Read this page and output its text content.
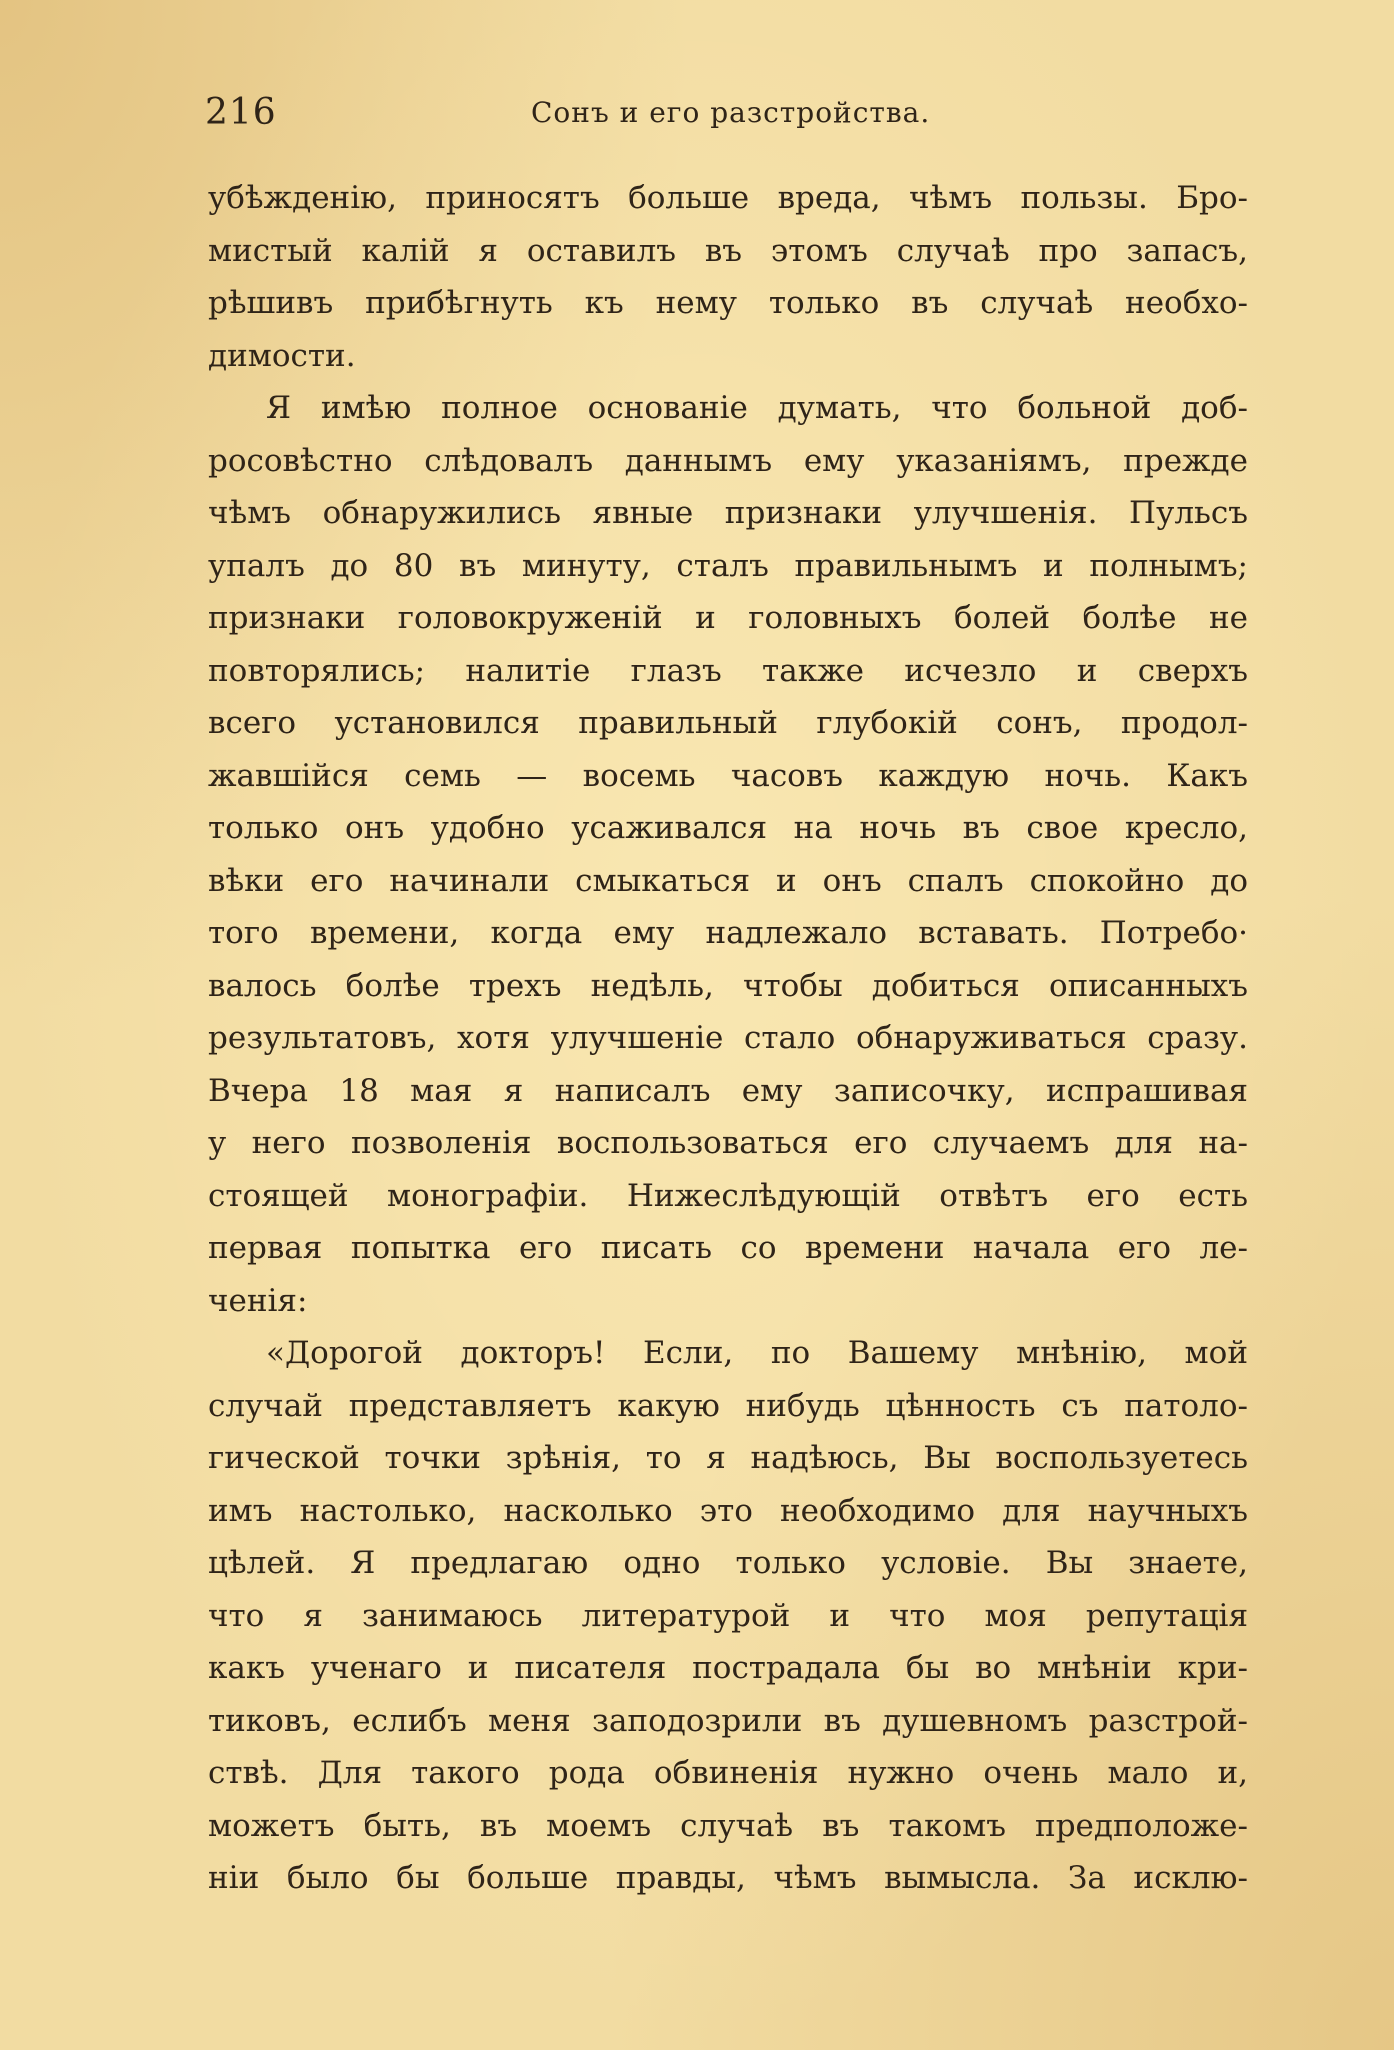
216	Сонъ и его разстройства.
убѣжденію, приносятъ больше вреда, чѣмъ пользы. Бро-
мистый калій я оставилъ въ этомъ случаѣ про запасъ,
рѣшивъ прибѣгнуть къ нему только въ случаѣ необхо-
димости.
Я имѣю полное основаніе думать, что больной доб-
росовѣстно слѣдовалъ даннымъ ему указаніямъ, прежде
чѣмъ обнаружились явные признаки улучшенія. Пульсъ
упалъ до 80 въ минуту, сталъ правильнымъ и полнымъ;
признаки головокруженій и головныхъ болей болѣе не
повторялись; налитіе глазъ также исчезло и сверхъ
всего установился правильный глубокій сонъ, продол-
жавшійся семь — восемь часовъ каждую ночь. Какъ
только онъ удобно усаживался на ночь въ свое кресло,
вѣки его начинали смыкаться и онъ спалъ спокойно до
того времени, когда ему надлежало вставать. Потребо·
валось болѣе трехъ недѣль, чтобы добиться описанныхъ
результатовъ, хотя улучшеніе стало обнаруживаться сразу.
Вчера 18 мая я написалъ ему записочку, испрашивая
у него позволенія воспользоваться его случаемъ для на-
стоящей монографіи. Нижеслѣдующій отвѣтъ его есть
первая попытка его писать со времени начала его ле-
ченія:
«Дорогой докторъ! Если, по Вашему мнѣнію, мой
случай представляетъ какую нибудь цѣнность съ патоло-
гической точки зрѣнія, то я надѣюсь, Вы воспользуетесь
имъ настолько, насколько это необходимо для научныхъ
цѣлей. Я предлагаю одно только условіе. Вы знаете,
что я занимаюсь литературой и что моя репутація
какъ ученаго и писателя пострадала бы во мнѣніи кри-
тиковъ, еслибъ меня заподозрили въ душевномъ разстрой-
ствѣ. Для такого рода обвиненія нужно очень мало и,
можетъ быть, въ моемъ случаѣ въ такомъ предположе-
ніи было бы больше правды, чѣмъ вымысла. За исклю-
